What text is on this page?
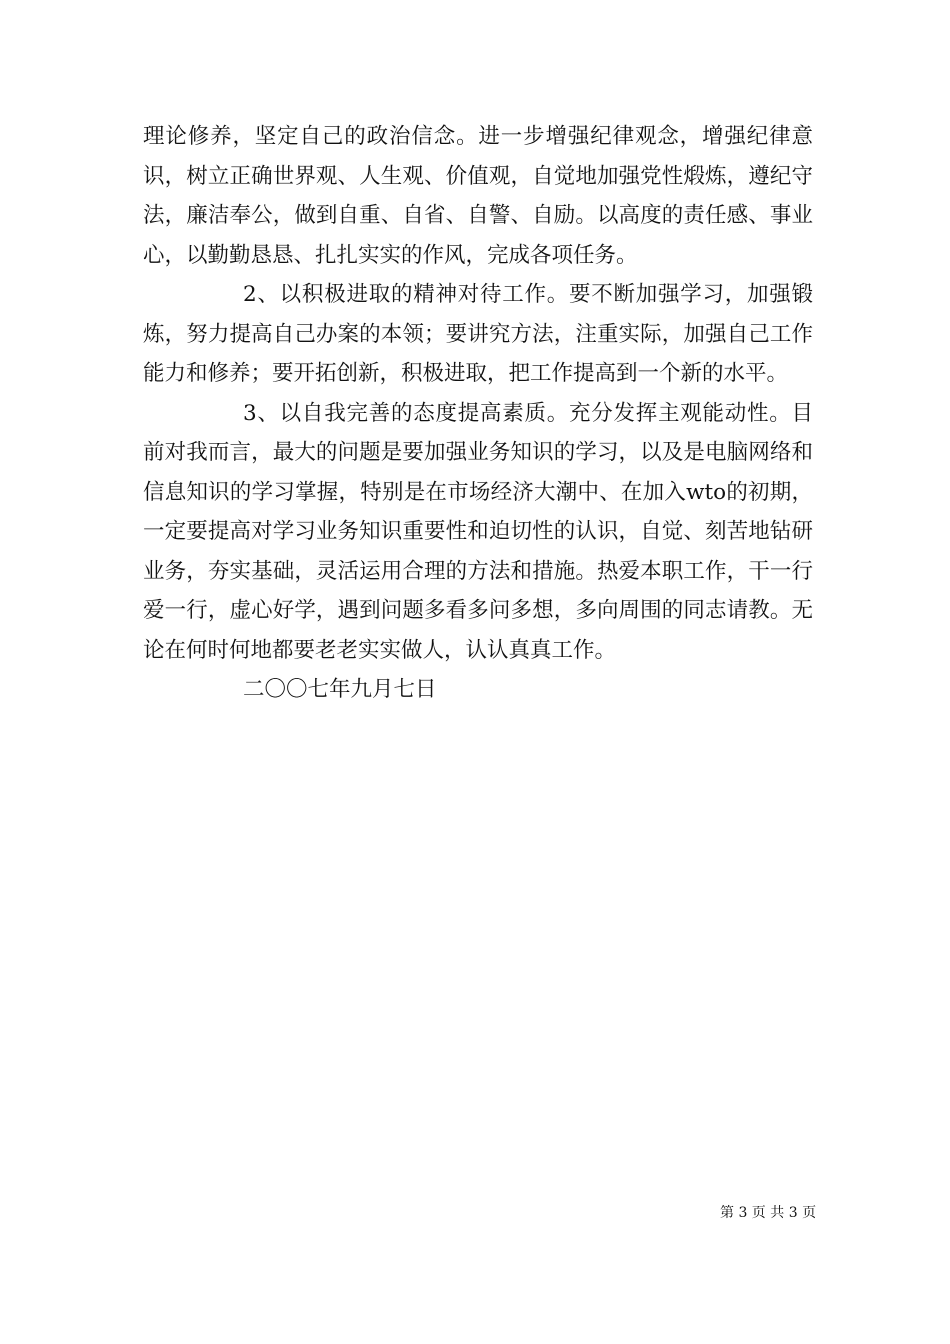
理论修养，坚定自己的政治信念。进一步增强纪律观念，增强纪律意识，树立正确世界观、人生观、价值观，自觉地加强党性煅炼，遵纪守法，廉洁奉公，做到自重、自省、自警、自励。以高度的责任感、事业心，以勤勤恳恳、扎扎实实的作风，完成各项任务。

2、以积极进取的精神对待工作。要不断加强学习，加强锻炼，努力提高自己办案的本领；要讲究方法，注重实际，加强自己工作能力和修养；要开拓创新，积极进取，把工作提高到一个新的水平。

3、以自我完善的态度提高素质。充分发挥主观能动性。目前对我而言，最大的问题是要加强业务知识的学习，以及是电脑网络和信息知识的学习掌握，特别是在市场经济大潮中、在加入wto的初期，一定要提高对学习业务知识重要性和迫切性的认识，自觉、刻苦地钻研业务，夯实基础，灵活运用合理的方法和措施。热爱本职工作，干一行爱一行，虚心好学，遇到问题多看多问多想，多向周围的同志请教。无论在何时何地都要老老实实做人，认认真真工作。

二〇〇七年九月七日

第 3 页 共 3 页
